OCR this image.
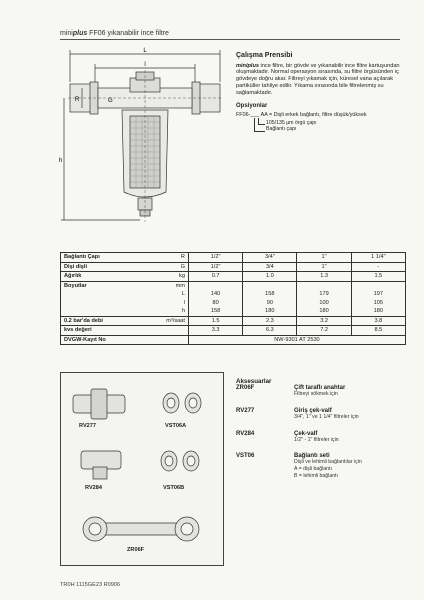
miniplus FF06 yıkanabilir ince filtre
L
l
R	G
h
Çalışma Prensibi

miniplus ince filtre, bir gövde ve yıkanabilir ince filtre kartuşundan oluşmaktadır. Normal operasyon sırasında, su filtre örgüsünden iç gövdeye doğru akar. Filtreyi yıkamak için, küresel vana açılarak partiküller tahliye edilir. Yıkama sırasında bile filtrelenmiş su sağlamaktadır.

Opsiyonlar
FF06-___ AA = Dişli erkek bağlantı, filtre düşük/yüksek
105/135 µm örgü çapı
Bağlantı çapı
Bağlantı Çapı	R	1/2"	3/4"	1"	1 1/4"
Dişi dişli	G	1/2"	3/4	1"	-
Ağırlık	kg	0.7	1.0	1.3	1.5
Boyutlar	mm				
	L	140	158	179	197
	l	80	90	100	105
	h	158	180	180	180
0.2 bar'da debi	m³/saat	1.5	2.3	3.2	3.8
kvs değeri		3.3	6.3	7.2	8.5
DVGW-Kayıt No		NW-9301 AT 2530			
RV277	VST06A
RV284	VST06B
ZR06F
Aksesuarlar
ZR06F	Çift taraflı anahtar
Filtreyi sökmek için
RV277	Giriş çek-valf
3/4", 1" ve 1 1/4" filtreler için
RV284	Çek-valf
1/2" - 1" filtreler için
VST06	Bağlantı seti
Dişli ve lehimli bağlantılar için
A = dişli bağlantı
B = lehimli bağlantı
TR0H 1115GE23 R0906
